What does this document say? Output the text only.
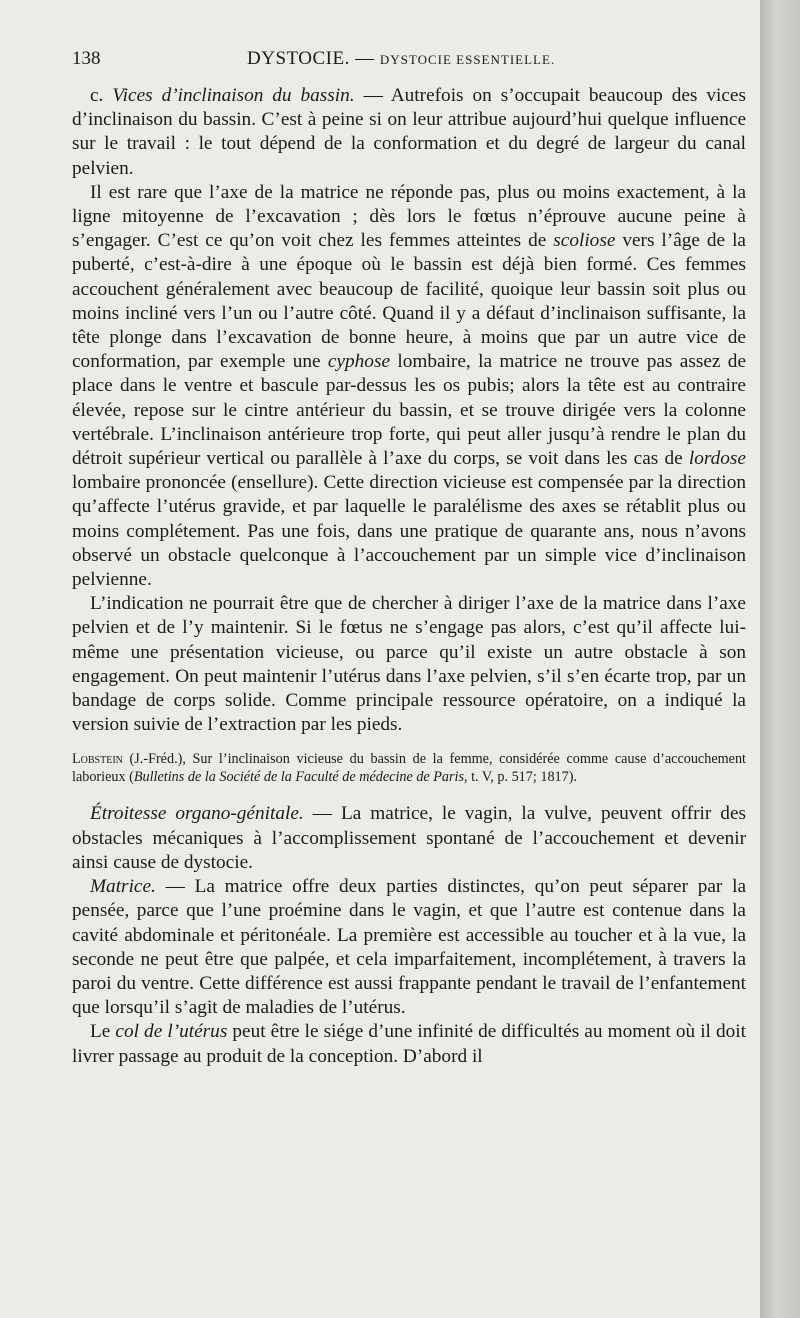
138	DYSTOCIE. — DYSTOCIE ESSENTIELLE.

c. Vices d’inclinaison du bassin. — Autrefois on s’occupait beaucoup des vices d’inclinaison du bassin. C’est à peine si on leur attribue aujourd’hui quelque influence sur le travail : le tout dépend de la conformation et du degré de largeur du canal pelvien.

Il est rare que l’axe de la matrice ne réponde pas, plus ou moins exactement, à la ligne mitoyenne de l’excavation ; dès lors le fœtus n’éprouve aucune peine à s’engager. C’est ce qu’on voit chez les femmes atteintes de scoliose vers l’âge de la puberté, c’est-à-dire à une époque où le bassin est déjà bien formé. Ces femmes accouchent généralement avec beaucoup de facilité, quoique leur bassin soit plus ou moins incliné vers l’un ou l’autre côté. Quand il y a défaut d’inclinaison suffisante, la tête plonge dans l’excavation de bonne heure, à moins que par un autre vice de conformation, par exemple une cyphose lombaire, la matrice ne trouve pas assez de place dans le ventre et bascule par-dessus les os pubis; alors la tête est au contraire élevée, repose sur le cintre antérieur du bassin, et se trouve dirigée vers la colonne vertébrale. L’inclinaison antérieure trop forte, qui peut aller jusqu’à rendre le plan du détroit supérieur vertical ou parallèle à l’axe du corps, se voit dans les cas de lordose lombaire prononcée (ensellure). Cette direction vicieuse est compensée par la direction qu’affecte l’utérus gravide, et par laquelle le paralélisme des axes se rétablit plus ou moins complétement. Pas une fois, dans une pratique de quarante ans, nous n’avons observé un obstacle quelconque à l’accouchement par un simple vice d’inclinaison pelvienne.

L’indication ne pourrait être que de chercher à diriger l’axe de la matrice dans l’axe pelvien et de l’y maintenir. Si le fœtus ne s’engage pas alors, c’est qu’il affecte lui-même une présentation vicieuse, ou parce qu’il existe un autre obstacle à son engagement. On peut maintenir l’utérus dans l’axe pelvien, s’il s’en écarte trop, par un bandage de corps solide. Comme principale ressource opératoire, on a indiqué la version suivie de l’extraction par les pieds.

Lobstein (J.-Fréd.), Sur l’inclinaison vicieuse du bassin de la femme, considérée comme cause d’accouchement laborieux (Bulletins de la Société de la Faculté de médecine de Paris, t. V, p. 517; 1817).

Étroitesse organo-génitale. — La matrice, le vagin, la vulve, peuvent offrir des obstacles mécaniques à l’accomplissement spontané de l’accouchement et devenir ainsi cause de dystocie.

Matrice. — La matrice offre deux parties distinctes, qu’on peut séparer par la pensée, parce que l’une proémine dans le vagin, et que l’autre est contenue dans la cavité abdominale et péritonéale. La première est accessible au toucher et à la vue, la seconde ne peut être que palpée, et cela imparfaitement, incomplétement, à travers la paroi du ventre. Cette différence est aussi frappante pendant le travail de l’enfantement que lorsqu’il s’agit de maladies de l’utérus.

Le col de l’utérus peut être le siége d’une infinité de difficultés au moment où il doit livrer passage au produit de la conception. D’abord il
